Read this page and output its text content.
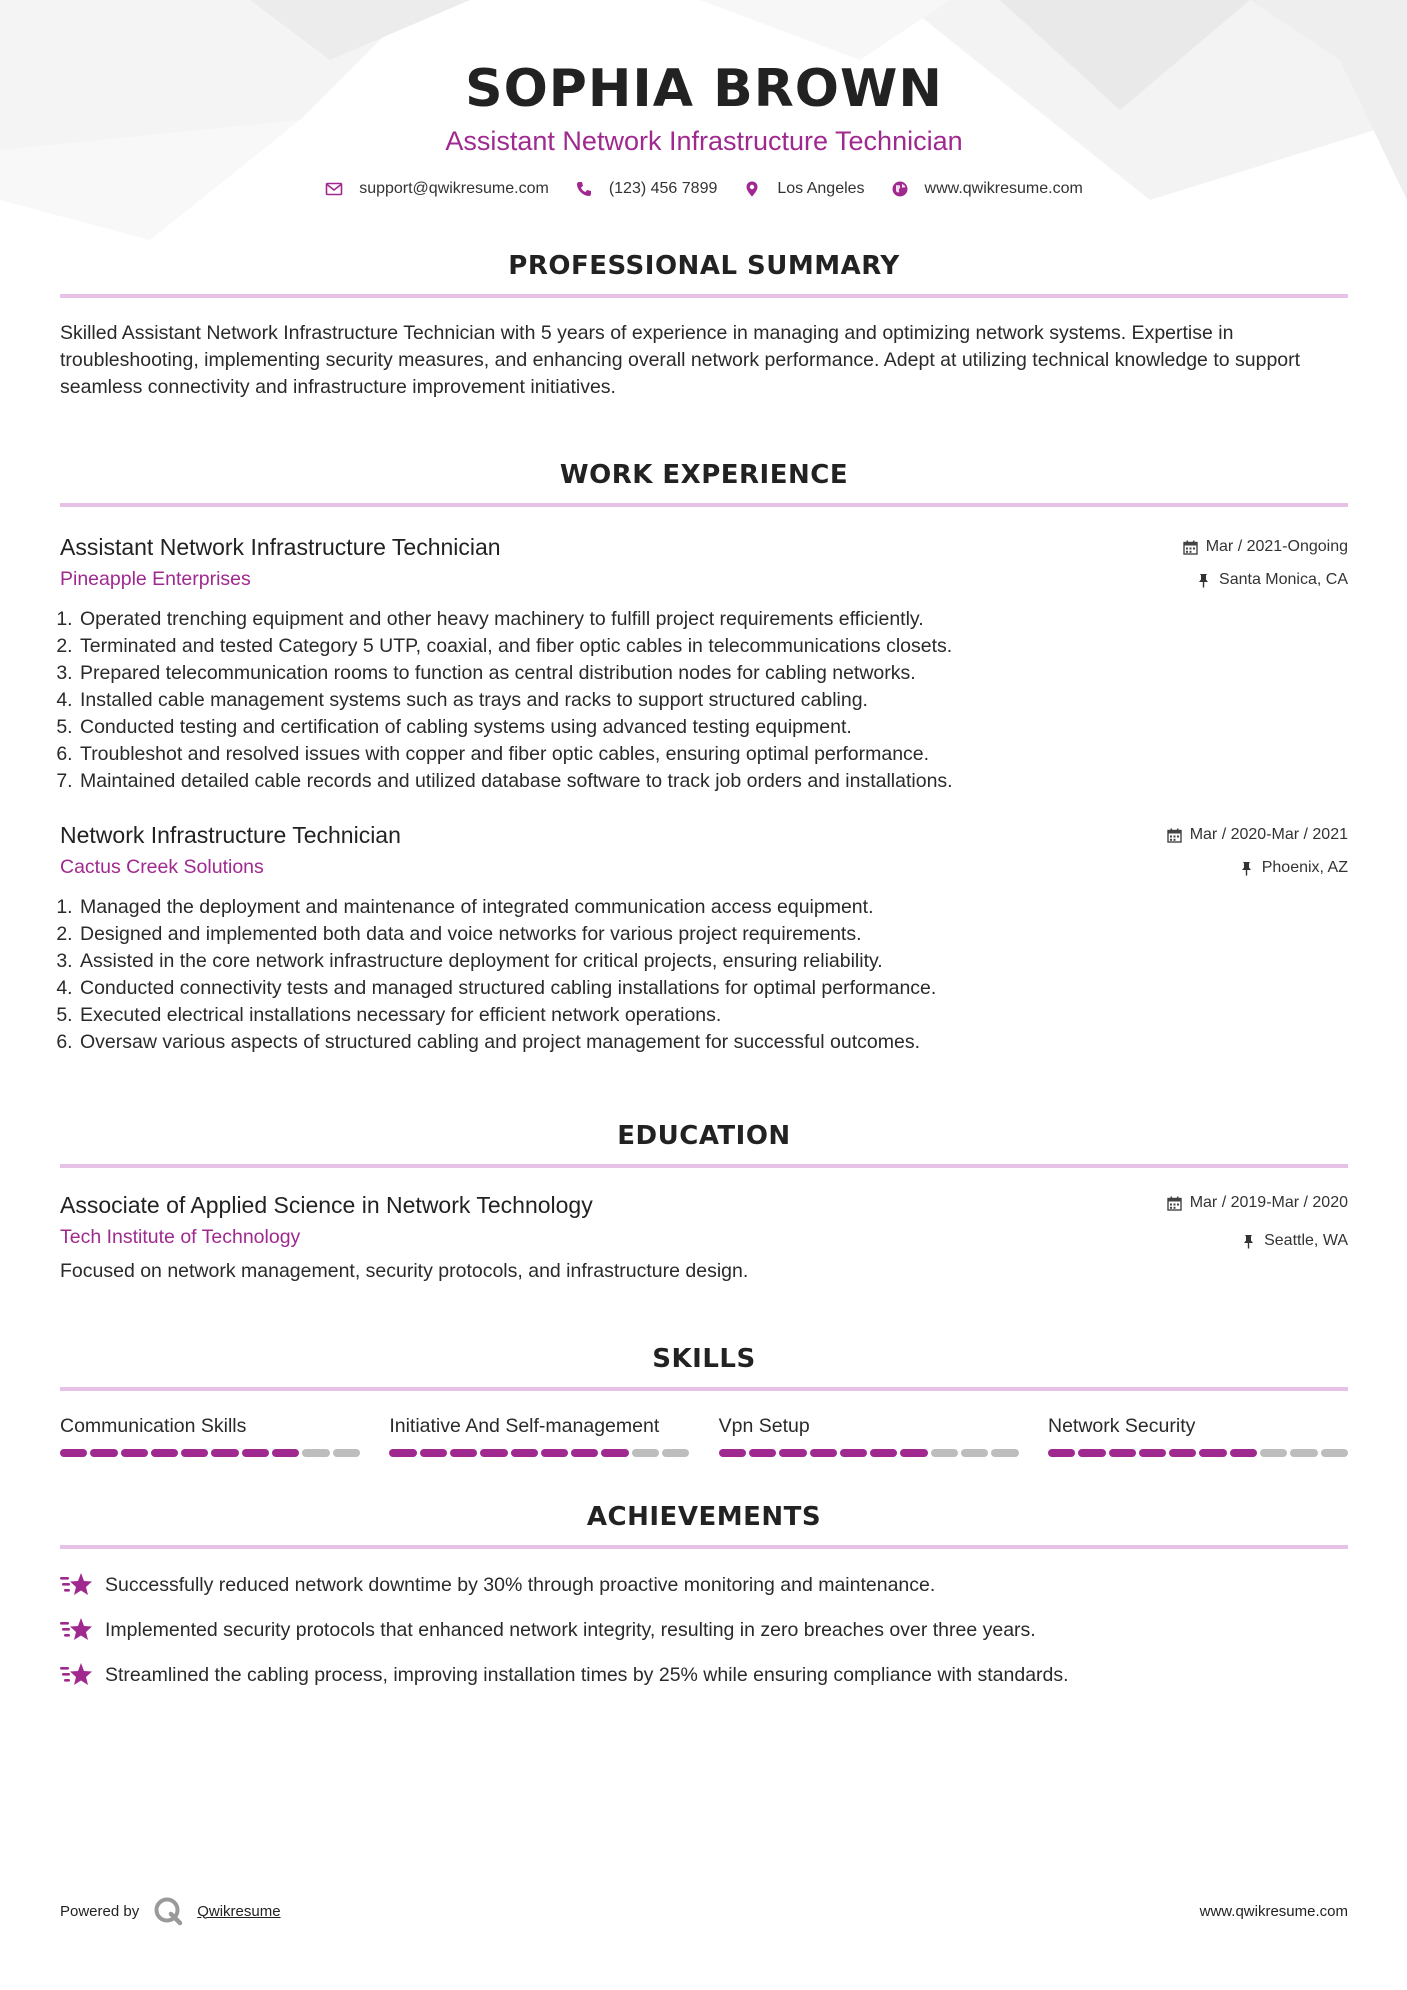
SOPHIA BROWN
Assistant Network Infrastructure Technician
support@qwikresume.com	(123) 456 7899	Los Angeles	www.qwikresume.com
PROFESSIONAL SUMMARY
Skilled Assistant Network Infrastructure Technician with 5 years of experience in managing and optimizing network systems. Expertise in troubleshooting, implementing security measures, and enhancing overall network performance. Adept at utilizing technical knowledge to support seamless connectivity and infrastructure improvement initiatives.
WORK EXPERIENCE
Assistant Network Infrastructure Technician
Pineapple Enterprises
Mar / 2021-Ongoing
Santa Monica, CA
1. Operated trenching equipment and other heavy machinery to fulfill project requirements efficiently.
2. Terminated and tested Category 5 UTP, coaxial, and fiber optic cables in telecommunications closets.
3. Prepared telecommunication rooms to function as central distribution nodes for cabling networks.
4. Installed cable management systems such as trays and racks to support structured cabling.
5. Conducted testing and certification of cabling systems using advanced testing equipment.
6. Troubleshot and resolved issues with copper and fiber optic cables, ensuring optimal performance.
7. Maintained detailed cable records and utilized database software to track job orders and installations.
Network Infrastructure Technician
Cactus Creek Solutions
Mar / 2020-Mar / 2021
Phoenix, AZ
1. Managed the deployment and maintenance of integrated communication access equipment.
2. Designed and implemented both data and voice networks for various project requirements.
3. Assisted in the core network infrastructure deployment for critical projects, ensuring reliability.
4. Conducted connectivity tests and managed structured cabling installations for optimal performance.
5. Executed electrical installations necessary for efficient network operations.
6. Oversaw various aspects of structured cabling and project management for successful outcomes.
EDUCATION
Associate of Applied Science in Network Technology
Tech Institute of Technology
Mar / 2019-Mar / 2020
Seattle, WA
Focused on network management, security protocols, and infrastructure design.
SKILLS
Communication Skills	Initiative And Self-management	Vpn Setup	Network Security
ACHIEVEMENTS
Successfully reduced network downtime by 30% through proactive monitoring and maintenance.
Implemented security protocols that enhanced network integrity, resulting in zero breaches over three years.
Streamlined the cabling process, improving installation times by 25% while ensuring compliance with standards.
Powered by	Qwikresume	www.qwikresume.com
